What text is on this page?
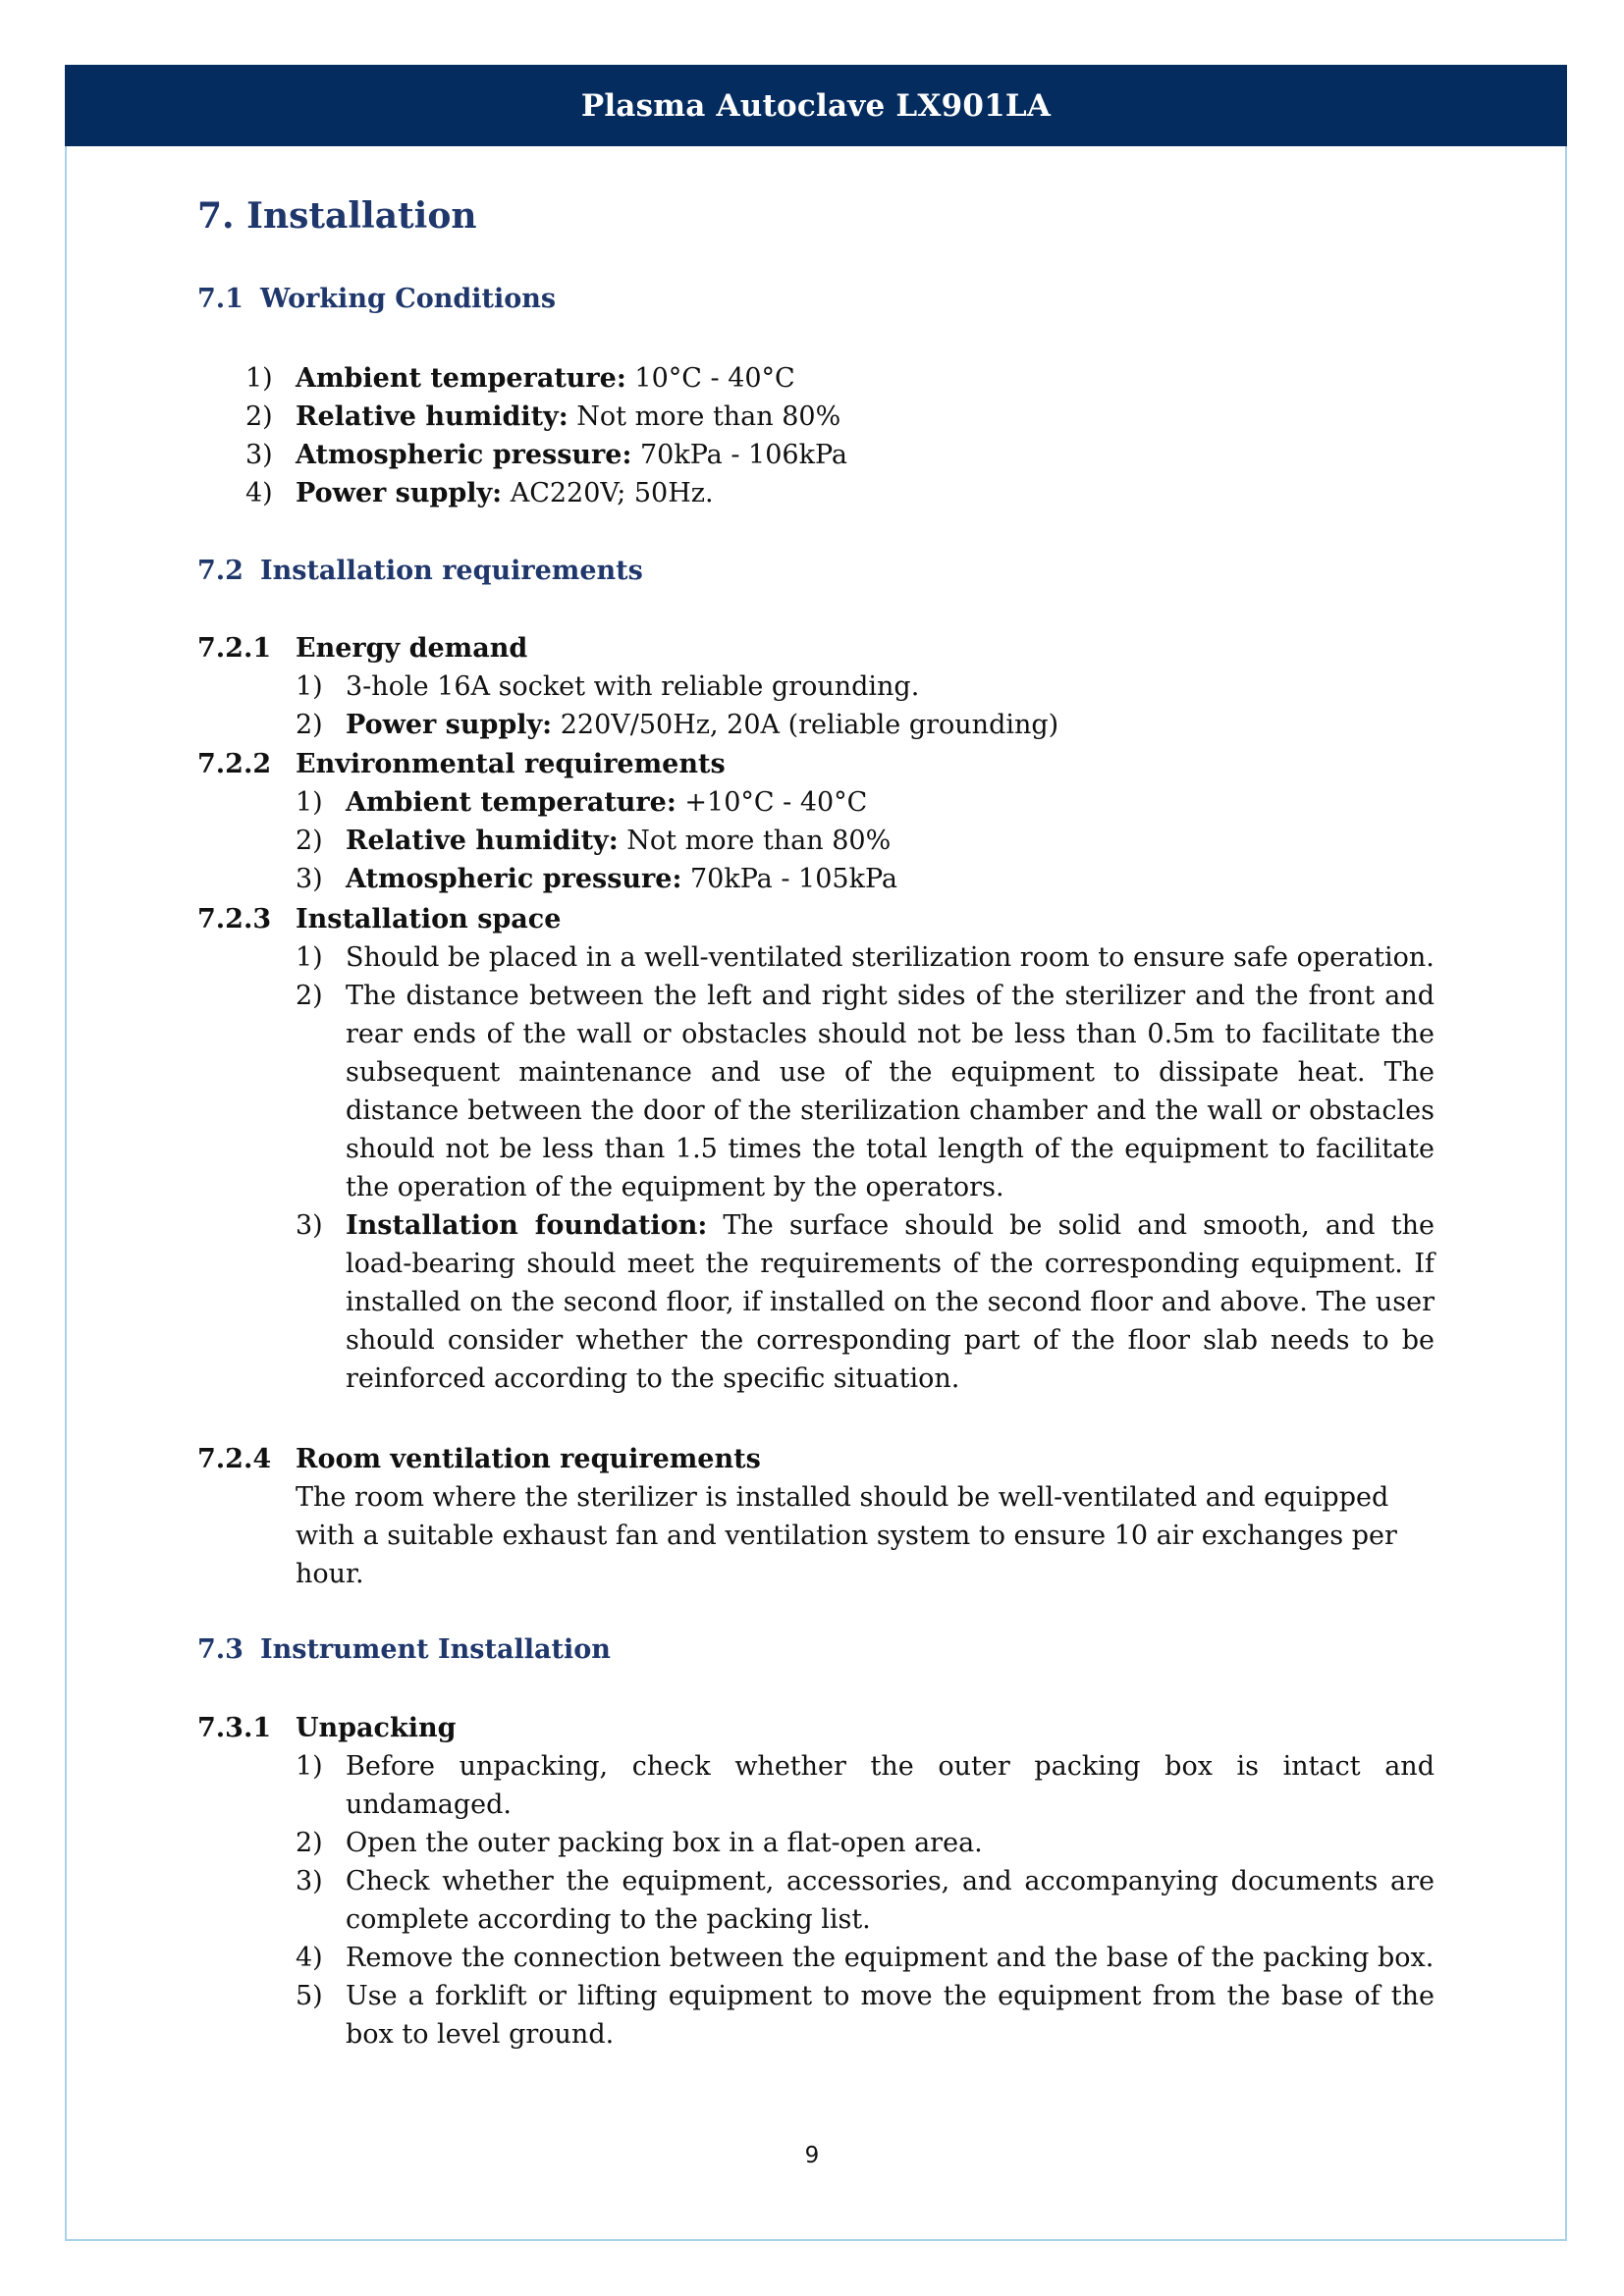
Plasma Autoclave LX901LA
7. Installation
7.1 Working Conditions
1) Ambient temperature: 10°C - 40°C
2) Relative humidity: Not more than 80%
3) Atmospheric pressure: 70kPa - 106kPa
4) Power supply: AC220V; 50Hz.
7.2 Installation requirements
7.2.1 Energy demand
1) 3-hole 16A socket with reliable grounding.
2) Power supply: 220V/50Hz, 20A (reliable grounding)
7.2.2 Environmental requirements
1) Ambient temperature: +10°C - 40°C
2) Relative humidity: Not more than 80%
3) Atmospheric pressure: 70kPa - 105kPa
7.2.3 Installation space
1) Should be placed in a well-ventilated sterilization room to ensure safe operation.
2) The distance between the left and right sides of the sterilizer and the front and rear ends of the wall or obstacles should not be less than 0.5m to facilitate the subsequent maintenance and use of the equipment to dissipate heat. The distance between the door of the sterilization chamber and the wall or obstacles should not be less than 1.5 times the total length of the equipment to facilitate the operation of the equipment by the operators.
3) Installation foundation: The surface should be solid and smooth, and the load-bearing should meet the requirements of the corresponding equipment. If installed on the second floor, if installed on the second floor and above. The user should consider whether the corresponding part of the floor slab needs to be reinforced according to the specific situation.
7.2.4 Room ventilation requirements

The room where the sterilizer is installed should be well-ventilated and equipped with a suitable exhaust fan and ventilation system to ensure 10 air exchanges per hour.

7.3 Instrument Installation
7.3.1 Unpacking
1) Before unpacking, check whether the outer packing box is intact and undamaged.
2) Open the outer packing box in a flat-open area.
3) Check whether the equipment, accessories, and accompanying documents are complete according to the packing list.
4) Remove the connection between the equipment and the base of the packing box.
5) Use a forklift or lifting equipment to move the equipment from the base of the box to level ground.
9
